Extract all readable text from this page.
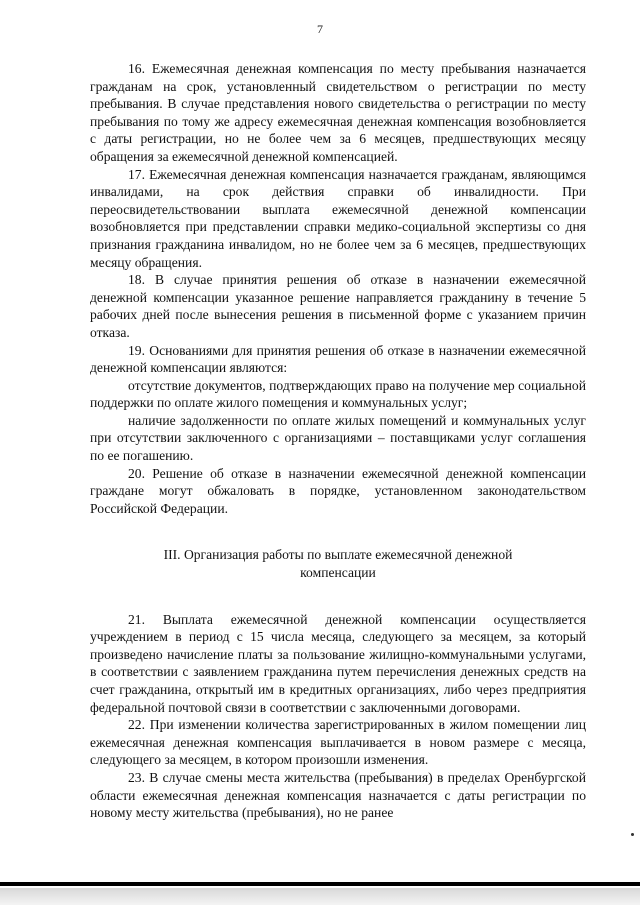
7

16. Ежемесячная денежная компенсация по месту пребывания назначается гражданам на срок, установленный свидетельством о регистрации по месту пребывания. В случае представления нового свидетельства о регистрации по месту пребывания по тому же адресу ежемесячная денежная компенсация возобновляется с даты регистрации, но не более чем за 6 месяцев, предшествующих месяцу обращения за ежемесячной денежной компенсацией.

17. Ежемесячная денежная компенсация назначается гражданам, являющимся инвалидами, на срок действия справки об инвалидности. При переосвидетельствовании выплата ежемесячной денежной компенсации возобновляется при представлении справки медико-социальной экспертизы со дня признания гражданина инвалидом, но не более чем за 6 месяцев, предшествующих месяцу обращения.

18. В случае принятия решения об отказе в назначении ежемесячной денежной компенсации указанное решение направляется гражданину в течение 5 рабочих дней после вынесения решения в письменной форме с указанием причин отказа.

19. Основаниями для принятия решения об отказе в назначении ежемесячной денежной компенсации являются:

отсутствие документов, подтверждающих право на получение мер социальной поддержки по оплате жилого помещения и коммунальных услуг;

наличие задолженности по оплате жилых помещений и коммунальных услуг при отсутствии заключенного с организациями – поставщиками услуг соглашения по ее погашению.

20. Решение об отказе в назначении ежемесячной денежной компенсации граждане могут обжаловать в порядке, установленном законодательством Российской Федерации.

III. Организация работы по выплате ежемесячной денежной компенсации

21. Выплата ежемесячной денежной компенсации осуществляется учреждением в период с 15 числа месяца, следующего за месяцем, за который произведено начисление платы за пользование жилищно-коммунальными услугами, в соответствии с заявлением гражданина путем перечисления денежных средств на счет гражданина, открытый им в кредитных организациях, либо через предприятия федеральной почтовой связи в соответствии с заключенными договорами.

22. При изменении количества зарегистрированных в жилом помещении лиц ежемесячная денежная компенсация выплачивается в новом размере с месяца, следующего за месяцем, в котором произошли изменения.

23. В случае смены места жительства (пребывания) в пределах Оренбургской области ежемесячная денежная компенсация назначается с даты регистрации по новому месту жительства (пребывания), но не ранее
